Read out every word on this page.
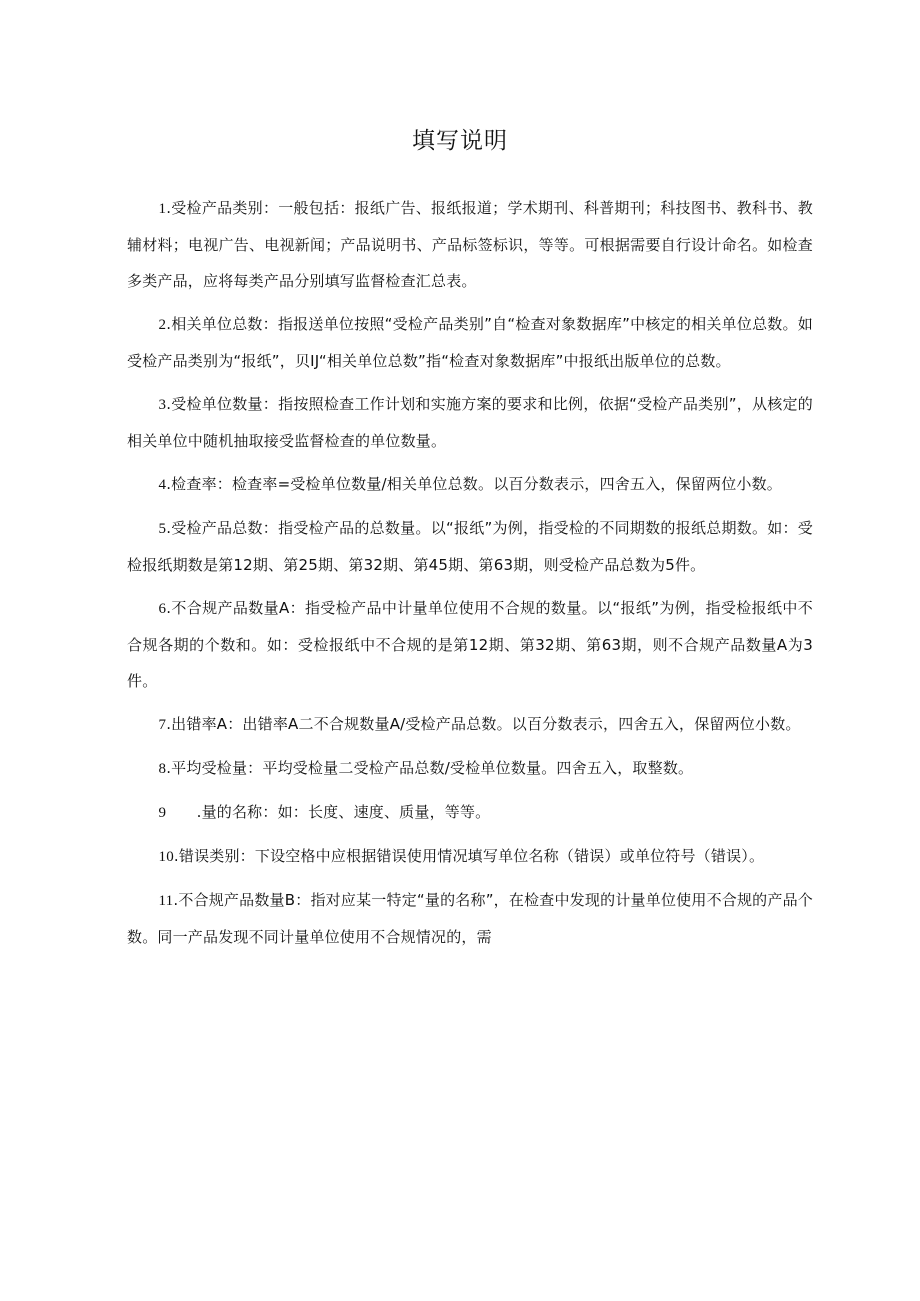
填写说明

1.受检产品类别：一般包括：报纸广告、报纸报道；学术期刊、科普期刊；科技图书、教科书、教辅材料；电视广告、电视新闻；产品说明书、产品标签标识，等等。可根据需要自行设计命名。如检查多类产品，应将每类产品分别填写监督检查汇总表。

2.相关单位总数：指报送单位按照“受检产品类别”自“检查对象数据库”中核定的相关单位总数。如受检产品类别为“报纸”，贝IJ“相关单位总数”指“检查对象数据库”中报纸出版单位的总数。

3.受检单位数量：指按照检查工作计划和实施方案的要求和比例，依据“受检产品类别”，从核定的相关单位中随机抽取接受监督检查的单位数量。

4.检查率：检查率=受检单位数量/相关单位总数。以百分数表示，四舍五入，保留两位小数。

5.受检产品总数：指受检产品的总数量。以“报纸”为例，指受检的不同期数的报纸总期数。如：受检报纸期数是第12期、第25期、第32期、第45期、第63期，则受检产品总数为5件。

6.不合规产品数量A：指受检产品中计量单位使用不合规的数量。以“报纸”为例，指受检报纸中不合规各期的个数和。如：受检报纸中不合规的是第12期、第32期、第63期，则不合规产品数量A为3件。

7.出错率A：出错率A二不合规数量A/受检产品总数。以百分数表示，四舍五入，保留两位小数。

8.平均受检量：平均受检量二受检产品总数/受检单位数量。四舍五入，取整数。

9　　.量的名称：如：长度、速度、质量，等等。

10.错误类别：下设空格中应根据错误使用情况填写单位名称（错误）或单位符号（错误）。

11.不合规产品数量B：指对应某一特定“量的名称”，在检查中发现的计量单位使用不合规的产品个数。同一产品发现不同计量单位使用不合规情况的，需
